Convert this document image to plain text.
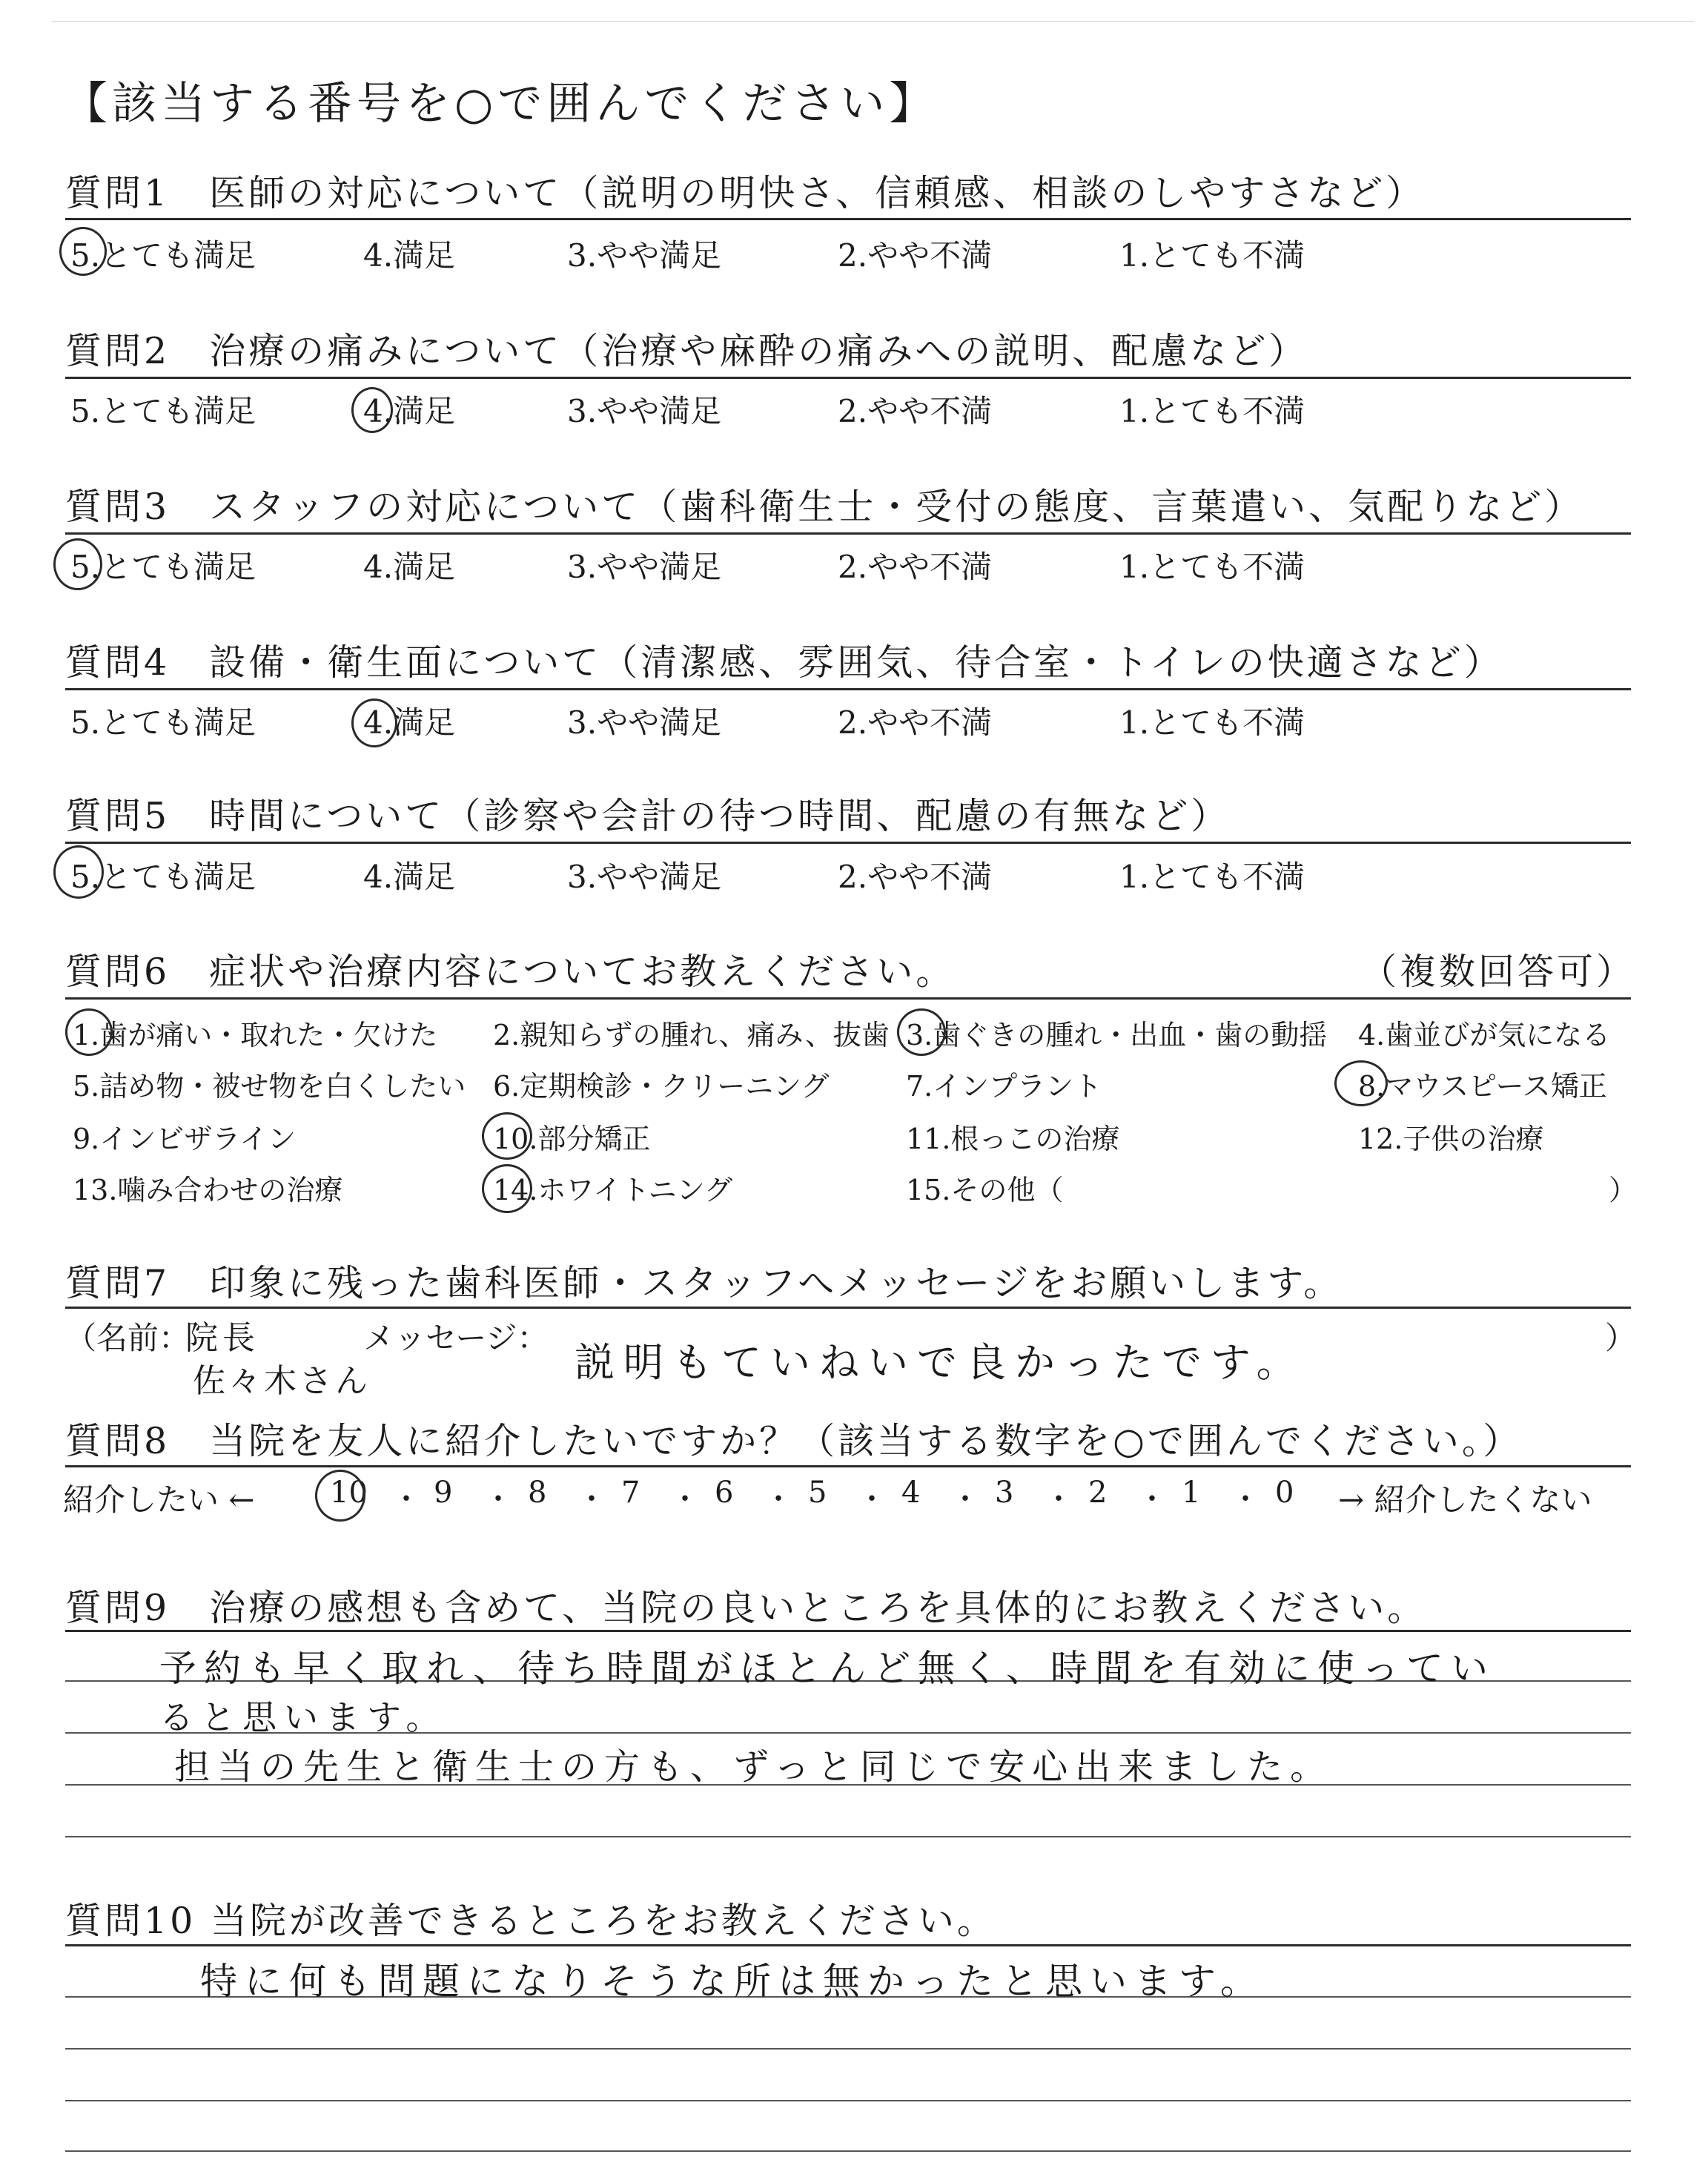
【該当する番号を○で囲んでください】
質問1　医師の対応について（説明の明快さ、信頼感、相談のしやすさなど）
5.とても満足	4.満足	3.やや満足	2.やや不満	1.とても不満
質問2　治療の痛みについて（治療や麻酔の痛みへの説明、配慮など）
5.とても満足	4.満足	3.やや満足	2.やや不満	1.とても不満
質問3　スタッフの対応について（歯科衛生士・受付の態度、言葉遣い、気配りなど）
5.とても満足	4.満足	3.やや満足	2.やや不満	1.とても不満
質問4　設備・衛生面について（清潔感、雰囲気、待合室・トイレの快適さなど）
5.とても満足	4.満足	3.やや満足	2.やや不満	1.とても不満
質問5　時間について（診察や会計の待つ時間、配慮の有無など）
5.とても満足	4.満足	3.やや満足	2.やや不満	1.とても不満
質問6　症状や治療内容についてお教えください。	（複数回答可）
1.歯が痛い・取れた・欠けた 2.親知らずの腫れ、痛み、抜歯 3.歯ぐきの腫れ・出血・歯の動揺 4.歯並びが気になる
5.詰め物・被せ物を白くしたい 6.定期検診・クリーニング	7.インプラント	8.マウスピース矯正
9.インビザライン	10.部分矯正	11.根っこの治療	12.子供の治療
13.噛み合わせの治療	14.ホワイトニング	15.その他（	）
質問7　印象に残った歯科医師・スタッフへメッセージをお願いします。
（名前：	メッセージ：	）
院長
佐々木さん	説明もていねいで良かったです。
質問8　当院を友人に紹介したいですか？（該当する数字を○で囲んでください。）
紹介したい ←	→ 紹介したくない
10 9	8	7	6	5	4	3	2	1	0
・ ・ ・ ・ ・ ・ ・ ・ ・ ・
質問9　治療の感想も含めて、当院の良いところを具体的にお教えください。
予約も早く取れ、待ち時間がほとんど無く、時間を有効に使ってい
ると思います。
担当の先生と衛生士の方も、ずっと同じで安心出来ました。
質問10 当院が改善できるところをお教えください。
特に何も問題になりそうな所は無かったと思います。
